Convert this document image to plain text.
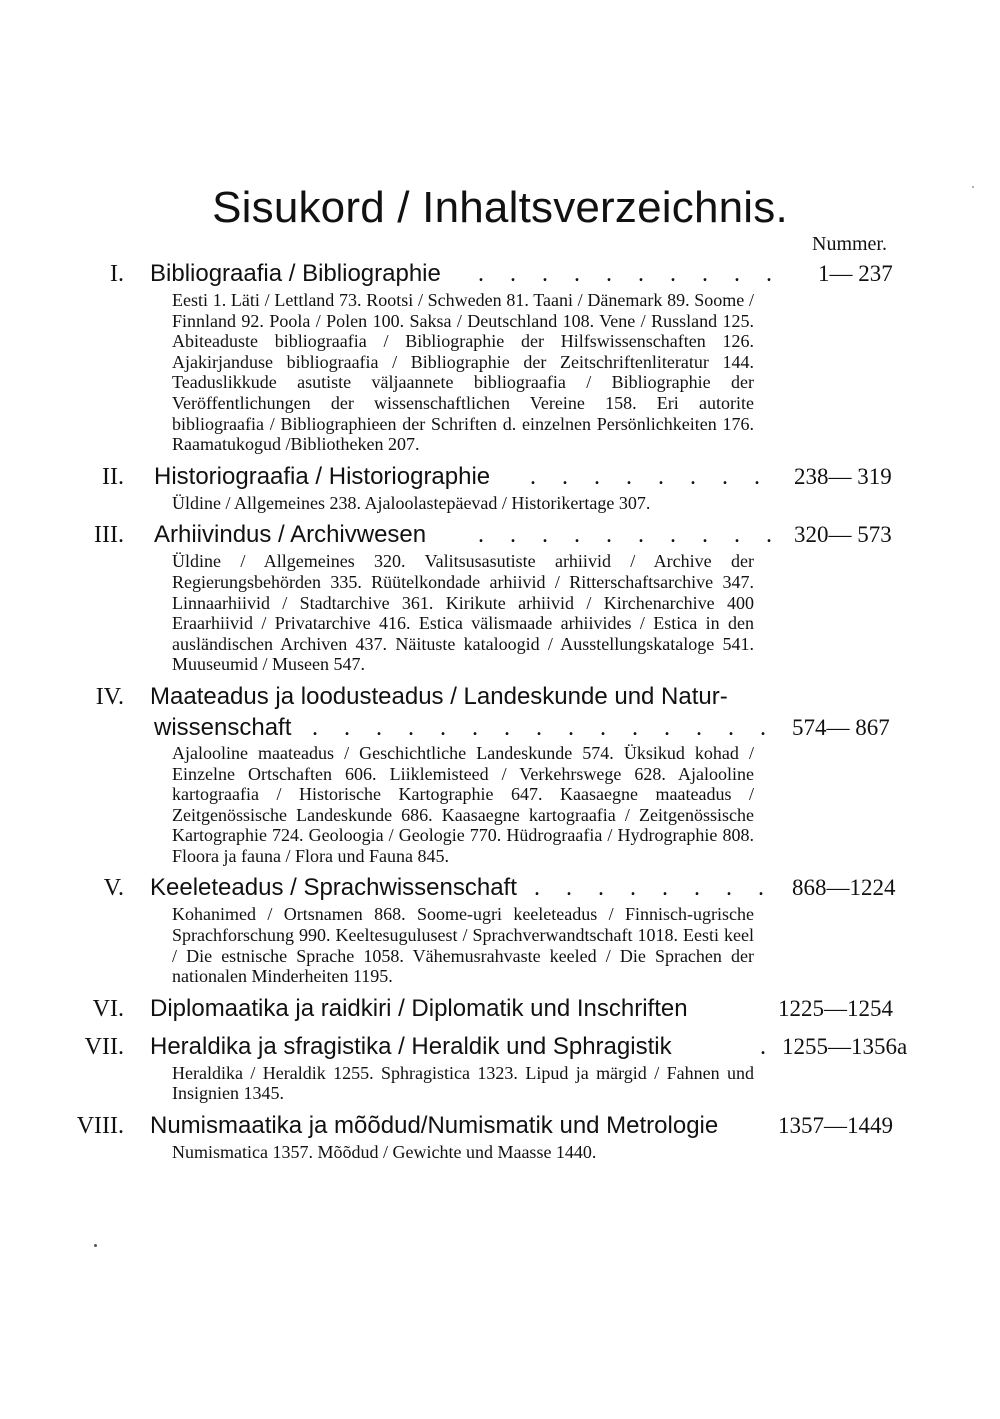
Sisukord / Inhaltsverzeichnis.
Nummer.
I. Bibliograafia / Bibliographie . . . . . . . . . . 1— 237
Eesti 1. Läti / Lettland 73. Rootsi / Schweden 81. Taani / Dänemark 89. Soome / Finnland 92. Poola / Polen 100. Saksa / Deutschland 108. Vene / Russland 125. Abiteaduste bibliograafia / Bibliographie der Hilfswissenschaften 126. Ajakirjanduse bibliograafia / Bibliographie der Zeitschriftenliteratur 144. Teaduslikkude asutiste väljaannete bibliograafia / Bibliographie der Veröffentlichungen der wissenschaftlichen Vereine 158. Eri autorite bibliograafia / Bibliographieen der Schriften d. einzelnen Persönlichkeiten 176. Raamatukogud /Bibliotheken 207.
II. Historiograafia / Historiographie . . . . . . . . 238— 319
Üldine / Allgemeines 238. Ajaloolastepäevad / Historikertage 307.
III. Arhiivindus / Archivwesen . . . . . . . . . . 320— 573
Üldine / Allgemeines 320. Valitsusasutiste arhiivid / Archive der Regierungsbehörden 335. Rüütelkondade arhiivid / Ritterschaftsarchive 347. Linnaarhiivid / Stadtarchive 361. Kirikute arhiivid / Kirchenarchive 400 Eraarhiivid / Privatarchive 416. Estica välismaade arhiivides / Estica in den ausländischen Archiven 437. Näituste kataloogid / Ausstellungskataloge 541. Muuseumid / Museen 547.
IV. Maateadus ja loodusteadus / Landeskunde und Natur-
wissenschaft . . . . . . . . . . . . . . . 574— 867
Ajalooline maateadus / Geschichtliche Landeskunde 574. Üksikud kohad / Einzelne Ortschaften 606. Liiklemisteed / Verkehrswege 628. Ajalooline kartograafia / Historische Kartographie 647. Kaasaegne maateadus / Zeitgenössische Landeskunde 686. Kaasaegne kartograafia / Zeitgenössische Kartographie 724. Geoloogia / Geologie 770. Hüdrograafia / Hydrographie 808. Floora ja fauna / Flora und Fauna 845.
V. Keeleteadus / Sprachwissenschaft . . . . . . . . 868—1224
Kohanimed / Ortsnamen 868. Soome-ugri keeleteadus / Finnisch-ugrische Sprachforschung 990. Keeltesugulusest / Sprachverwandtschaft 1018. Eesti keel / Die estnische Sprache 1058. Vähemusrahvaste keeled / Die Sprachen der nationalen Minderheiten 1195.
VI. Diplomaatika ja raidkiri / Diplomatik und Inschriften	1225—1254
VII. Heraldika ja sfragistika / Heraldik und Sphragistik	. 1255—1356a
Heraldika / Heraldik 1255. Sphragistica 1323. Lipud ja märgid / Fahnen und Insignien 1345.
VIII. Numismaatika ja mõõdud/Numismatik und Metrologie	1357—1449
Numismatica 1357. Mõõdud / Gewichte und Maasse 1440.
